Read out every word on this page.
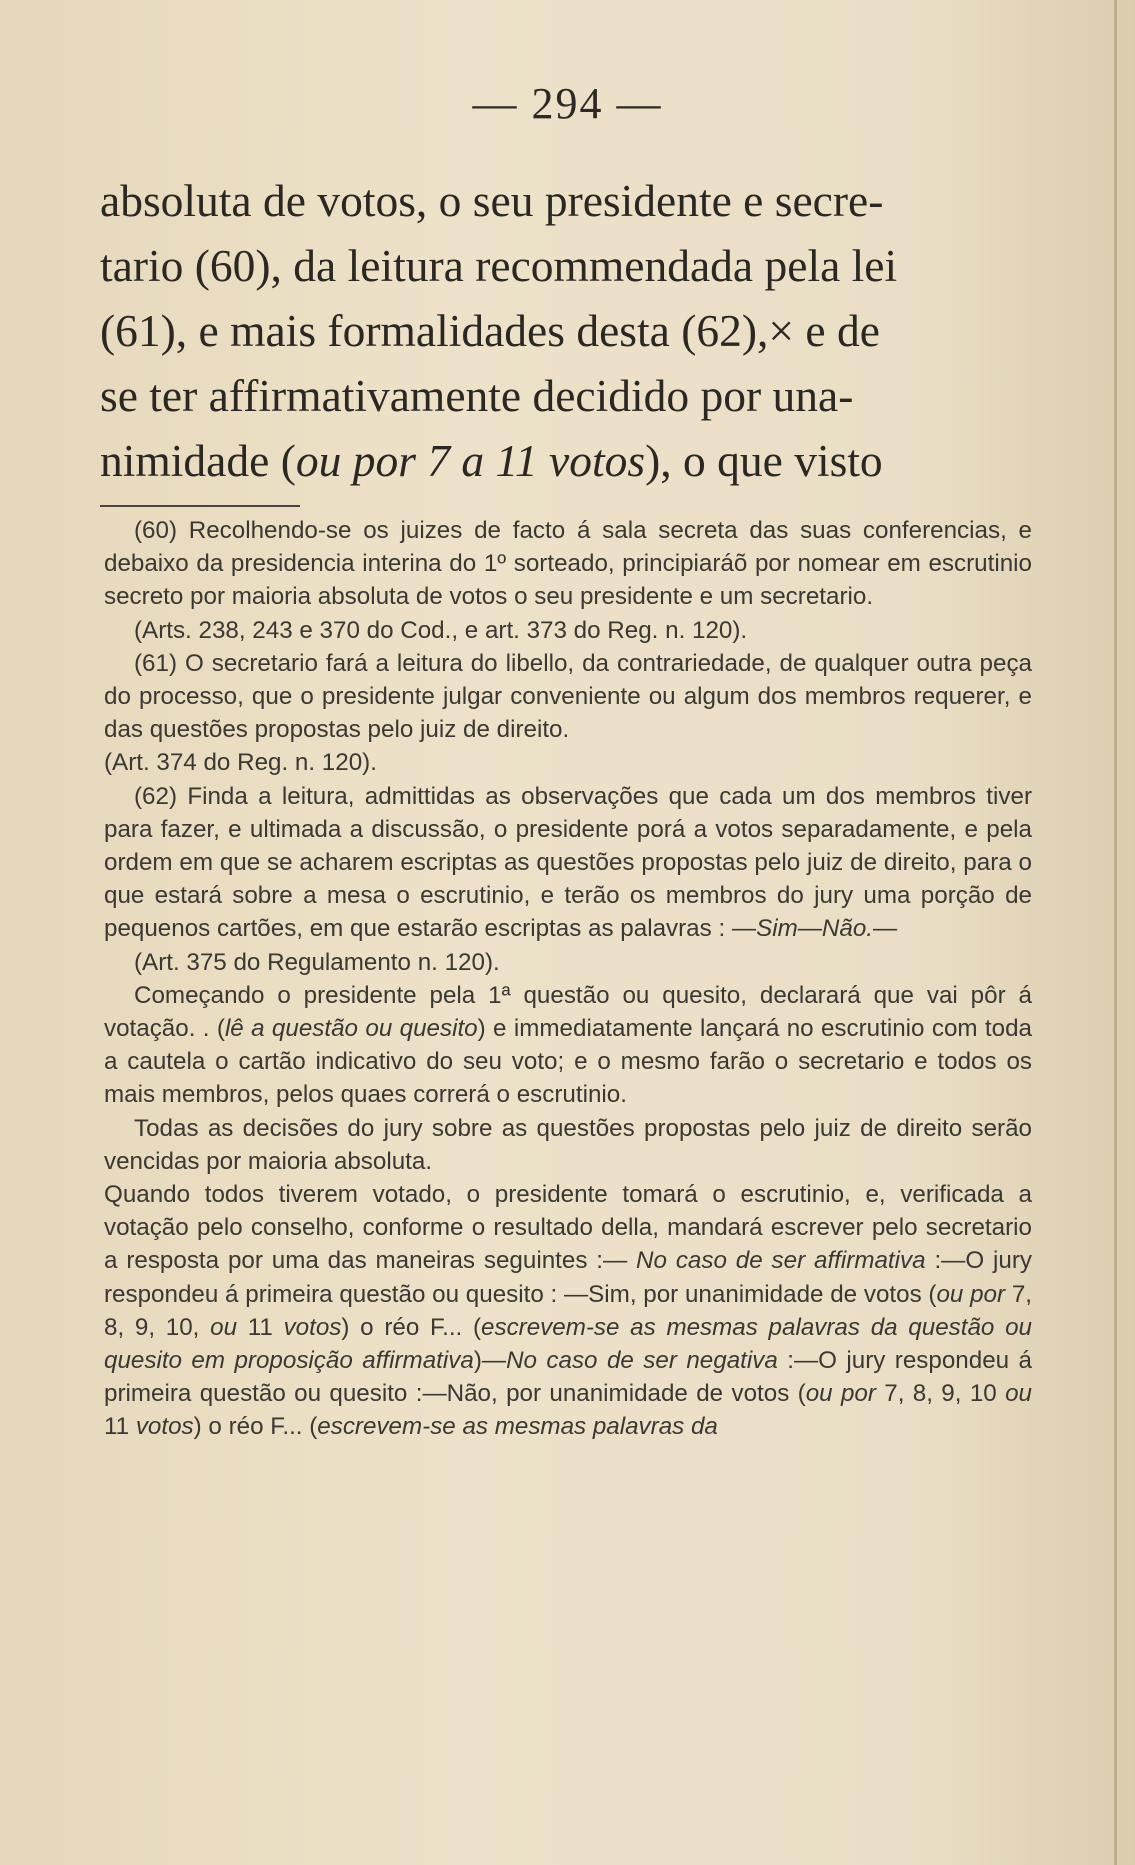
— 294 —

absoluta de votos, o seu presidente e secre-

tario (60), da leitura recommendada pela lei

(61), e mais formalidades desta (62),× e de

se ter affirmativamente decidido por una-

nimidade (ou por 7 a 11 votos), o que visto

(60) Recolhendo-se os juizes de facto á sala secreta das suas conferencias, e debaixo da presidencia interina do 1º sorteado, principiaráõ por nomear em escrutinio secreto por maioria absoluta de votos o seu presidente e um secretario.

(Arts. 238, 243 e 370 do Cod., e art. 373 do Reg. n. 120).

(61) O secretario fará a leitura do libello, da contrariedade, de qualquer outra peça do processo, que o presidente julgar conveniente ou algum dos membros requerer, e das questões propostas pelo juiz de direito.

(Art. 374 do Reg. n. 120).

(62) Finda a leitura, admittidas as observações que cada um dos membros tiver para fazer, e ultimada a discussão, o presidente porá a votos separadamente, e pela ordem em que se acharem escriptas as questões propostas pelo juiz de direito, para o que estará sobre a mesa o escrutinio, e terão os membros do jury uma porção de pequenos cartões, em que estarão escriptas as palavras : —Sim—Não.—

(Art. 375 do Regulamento n. 120).

Começando o presidente pela 1ª questão ou quesito, declarará que vai pôr á votação. . (lê a questão ou quesito) e immediatamente lançará no escrutinio com toda a cautela o cartão indicativo do seu voto; e o mesmo farão o secretario e todos os mais membros, pelos quaes correrá o escrutinio.

Todas as decisões do jury sobre as questões propostas pelo juiz de direito serão vencidas por maioria absoluta.

Quando todos tiverem votado, o presidente tomará o escrutinio, e, verificada a votação pelo conselho, conforme o resultado della, mandará escrever pelo secretario a resposta por uma das maneiras seguintes :— No caso de ser affirmativa :—O jury respondeu á primeira questão ou quesito : —Sim, por unanimidade de votos (ou por 7, 8, 9, 10, ou 11 votos) o réo F... (escrevem-se as mesmas palavras da questão ou quesito em proposição affirmativa)—No caso de ser negativa :—O jury respondeu á primeira questão ou quesito :—Não, por unanimidade de votos (ou por 7, 8, 9, 10 ou 11 votos) o réo F... (escrevem-se as mesmas palavras da
